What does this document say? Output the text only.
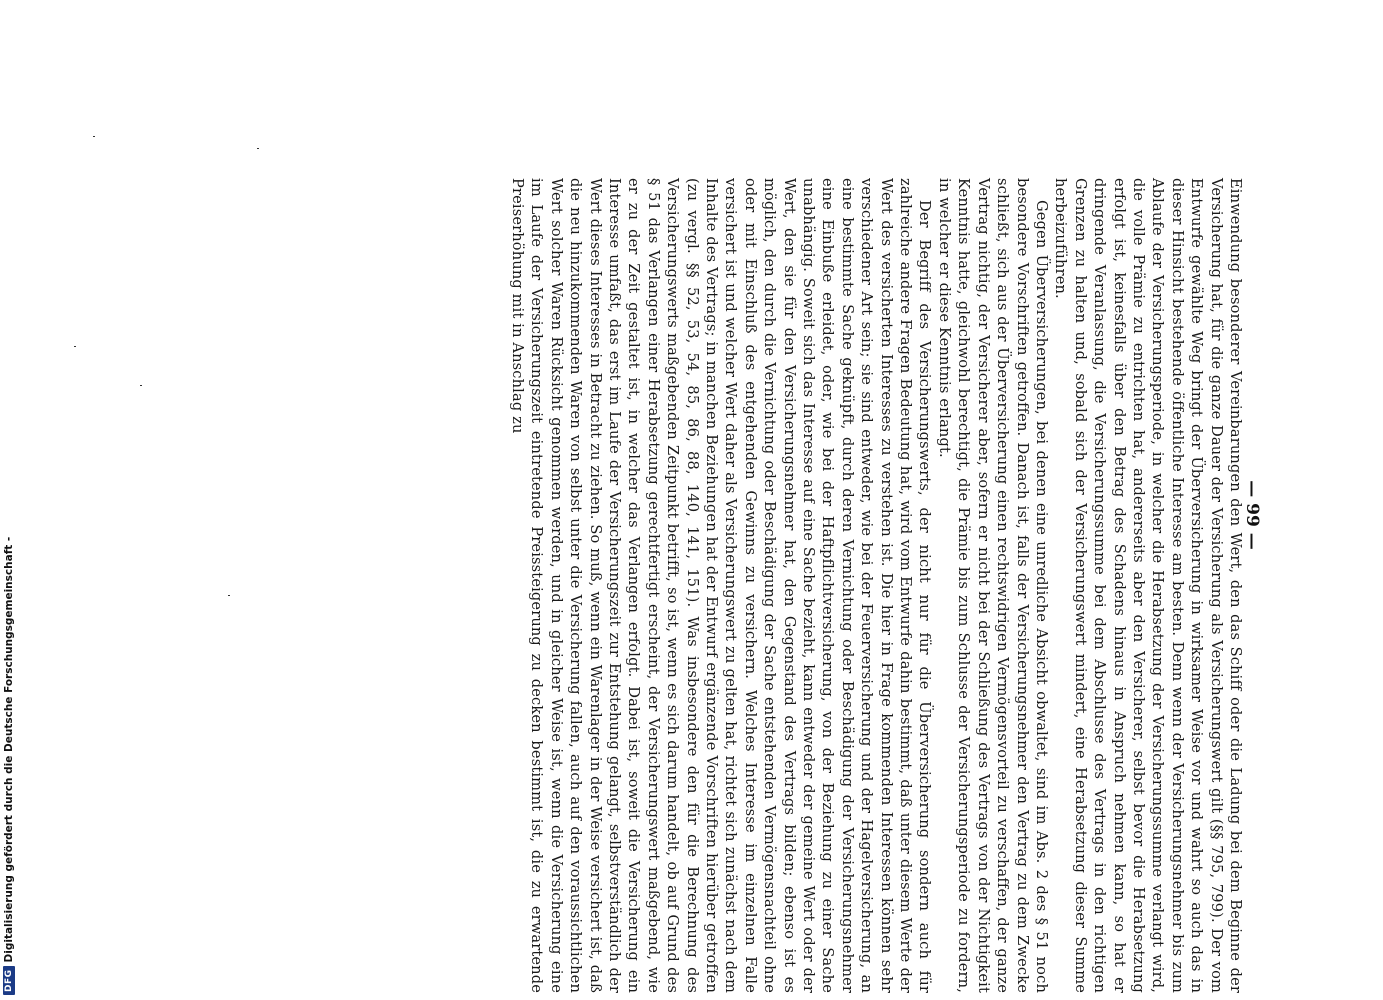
— 99 —

Einwendung besonderer Vereinbarungen den Wert, den das Schiff oder die Ladung bei dem Beginne der Versicherung hat, für die ganze Dauer der Versicherung als Versicherungswert gilt (§§ 795, 799). Der vom Entwurfe gewählte Weg bringt der Überversicherung in wirksamer Weise vor und wahrt so auch das in dieser Hinsicht bestehende öffentliche Interesse am besten. Denn wenn der Versicherungsnehmer bis zum Ablaufe der Versicherungsperiode, in welcher die Herabsetzung der Versicherungssumme verlangt wird, die volle Prämie zu entrichten hat, andererseits aber den Versicherer, selbst bevor die Herabsetzung erfolgt ist, keinesfalls über den Betrag des Schadens hinaus in Anspruch nehmen kann, so hat er dringende Veranlassung, die Versicherungssumme bei dem Abschlusse des Vertrags in den richtigen Grenzen zu halten und, sobald sich der Versicherungswert mindert, eine Herabsetzung dieser Summe herbeizuführen.

Gegen Überversicherungen, bei denen eine unredliche Absicht obwaltet, sind im Abs. 2 des § 51 noch besondere Vorschriften getroffen. Danach ist, falls der Versicherungsnehmer den Vertrag zu dem Zwecke schließt, sich aus der Überversicherung einen rechtswidrigen Vermögensvorteil zu verschaffen, der ganze Vertrag nichtig, der Versicherer aber, sofern er nicht bei der Schließung des Vertrags von der Nichtigkeit Kenntnis hatte, gleichwohl berechtigt, die Prämie bis zum Schlusse der Versicherungsperiode zu fordern, in welcher er diese Kenntnis erlangt.

Der Begriff des Versicherungswerts, der nicht nur für die Überversicherung sondern auch für zahlreiche andere Fragen Bedeutung hat, wird vom Entwurfe dahin bestimmt, daß unter diesem Werte der Wert des versicherten Interesses zu verstehen ist. Die hier in Frage kommenden Interessen können sehr verschiedener Art sein; sie sind entweder, wie bei der Feuerversicherung und der Hagelversicherung, an eine bestimmte Sache geknüpft, durch deren Vernichtung oder Beschädigung der Versicherungsnehmer eine Einbuße erleidet, oder, wie bei der Haftpflichtversicherung, von der Beziehung zu einer Sache unabhängig. Soweit sich das Interesse auf eine Sache bezieht, kann entweder der gemeine Wert oder der Wert, den sie für den Versicherungsnehmer hat, den Gegenstand des Vertrags bilden; ebenso ist es möglich, den durch die Vernichtung oder Beschädigung der Sache entstehenden Vermögensnachteil ohne oder mit Einschluß des entgehenden Gewinns zu versichern. Welches Interesse im einzelnen Falle versichert ist und welcher Wert daher als Versicherungswert zu gelten hat, richtet sich zunächst nach dem Inhalte des Vertrags; in manchen Beziehungen hat der Entwurf ergänzende Vorschriften hierüber getroffen (zu vergl. §§ 52, 53, 54, 85, 86, 88, 140, 141, 151). Was insbesondere den für die Berechnung des Versicherungswerts maßgebenden Zeitpunkt betrifft, so ist, wenn es sich darum handelt, ob auf Grund des § 51 das Verlangen einer Herabsetzung gerechtfertigt erscheint, der Versicherungswert maßgebend, wie er zu der Zeit gestaltet ist, in welcher das Verlangen erfolgt. Dabei ist, soweit die Versicherung ein Interesse umfaßt, das erst im Laufe der Versicherungszeit zur Entstehung gelangt, selbstverständlich der Wert dieses Interesses in Betracht zu ziehen. So muß, wenn ein Warenlager in der Weise versichert ist, daß die neu hinzukommenden Waren von selbst unter die Versicherung fallen, auch auf den voraussichtlichen Wert solcher Waren Rücksicht genommen werden, und in gleicher Weise ist, wenn die Versicherung eine im Laufe der Versicherungszeit eintretende Preissteigerung zu decken bestimmt ist, die zu erwartende Preiserhöhung mit in Anschlag zu

DFG
Digitalisierung gefördert durch die Deutsche Forschungsgemeinschaft -
